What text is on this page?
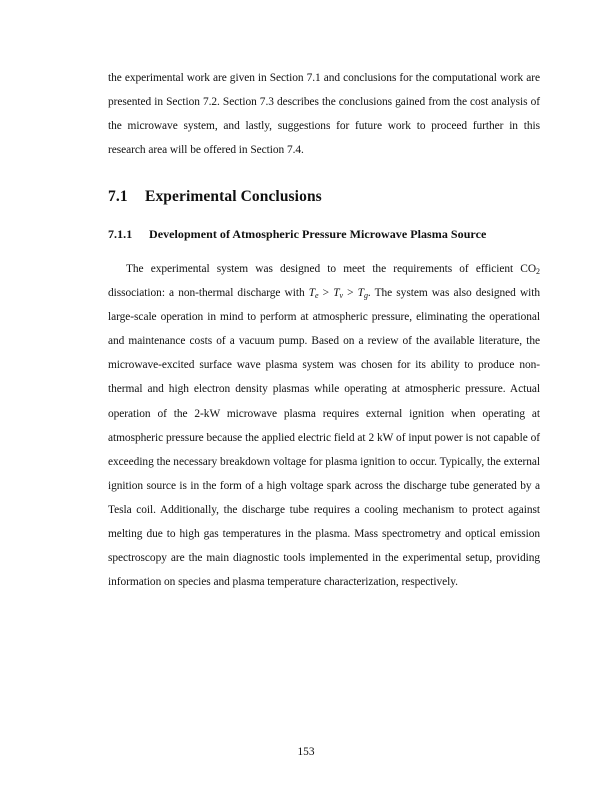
the experimental work are given in Section 7.1 and conclusions for the computational work are presented in Section 7.2. Section 7.3 describes the conclusions gained from the cost analysis of the microwave system, and lastly, suggestions for future work to proceed further in this research area will be offered in Section 7.4.

7.1 Experimental Conclusions
7.1.1 Development of Atmospheric Pressure Microwave Plasma Source

The experimental system was designed to meet the requirements of efficient $CO_2$ dissociation: a non-thermal discharge with $T_e > T_v > T_g$. The system was also designed with large-scale operation in mind to perform at atmospheric pressure, eliminating the operational and maintenance costs of a vacuum pump. Based on a review of the available literature, the microwave-excited surface wave plasma system was chosen for its ability to produce non-thermal and high electron density plasmas while operating at atmospheric pressure. Actual operation of the 2-kW microwave plasma requires external ignition when operating at atmospheric pressure because the applied electric field at 2 kW of input power is not capable of exceeding the necessary breakdown voltage for plasma ignition to occur. Typically, the external ignition source is in the form of a high voltage spark across the discharge tube generated by a Tesla coil. Additionally, the discharge tube requires a cooling mechanism to protect against melting due to high gas temperatures in the plasma. Mass spectrometry and optical emission spectroscopy are the main diagnostic tools implemented in the experimental setup, providing information on species and plasma temperature characterization, respectively.

153
